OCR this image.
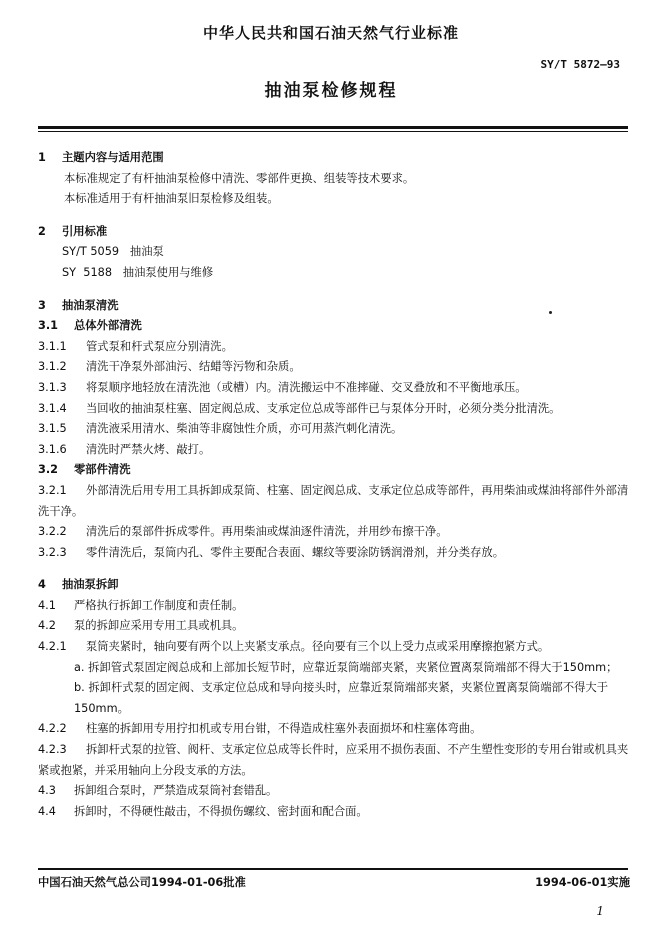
中华人民共和国石油天然气行业标准
SY/T 5872—93
抽油泵检修规程
1 主题内容与适用范围
本标准规定了有杆抽油泵检修中清洗、零部件更换、组装等技术要求。
本标准适用于有杆抽油泵旧泵检修及组装。
2 引用标准
SY/T 5059   抽油泵
SY  5188   抽油泵使用与维修
3 抽油泵清洗
3.1 总体外部清洗
3.1.1 管式泵和杆式泵应分别清洗。
3.1.2 清洗干净泵外部油污、结蜡等污物和杂质。
3.1.3 将泵顺序地轻放在清洗池（或槽）内。清洗搬运中不准摔碰、交叉叠放和不平衡地承压。
3.1.4 当回收的抽油泵柱塞、固定阀总成、支承定位总成等部件已与泵体分开时，必须分类分批清洗。
3.1.5 清洗液采用清水、柴油等非腐蚀性介质，亦可用蒸汽刺化清洗。
3.1.6 清洗时严禁火烤、敲打。
3.2 零部件清洗
3.2.1 外部清洗后用专用工具拆卸成泵筒、柱塞、固定阀总成、支承定位总成等部件，再用柴油或煤油将部件外部清洗干净。
3.2.2 清洗后的泵部件拆成零件。再用柴油或煤油逐件清洗，并用纱布擦干净。
3.2.3 零件清洗后，泵筒内孔、零件主要配合表面、螺纹等要涂防锈润滑剂，并分类存放。
4 抽油泵拆卸
4.1 严格执行拆卸工作制度和责任制。
4.2 泵的拆卸应采用专用工具或机具。
4.2.1 泵筒夹紧时，轴向要有两个以上夹紧支承点。径向要有三个以上受力点或采用摩擦抱紧方式。
a. 拆卸管式泵固定阀总成和上部加长短节时，应靠近泵筒端部夹紧，夹紧位置离泵筒端部不得大于150mm；
b. 拆卸杆式泵的固定阀、支承定位总成和导向接头时，应靠近泵筒端部夹紧，夹紧位置离泵筒端部不得大于150mm。
4.2.2 柱塞的拆卸用专用拧扣机或专用台钳，不得造成柱塞外表面损坏和柱塞体弯曲。
4.2.3 拆卸杆式泵的拉管、阀杆、支承定位总成等长件时，应采用不损伤表面、不产生塑性变形的专用台钳或机具夹紧或抱紧，并采用轴向上分段支承的方法。
4.3 拆卸组合泵时，严禁造成泵筒衬套错乱。
4.4 拆卸时，不得硬性敲击，不得损伤螺纹、密封面和配合面。
中国石油天然气总公司1994-01-06批准	1994-06-01实施
1
